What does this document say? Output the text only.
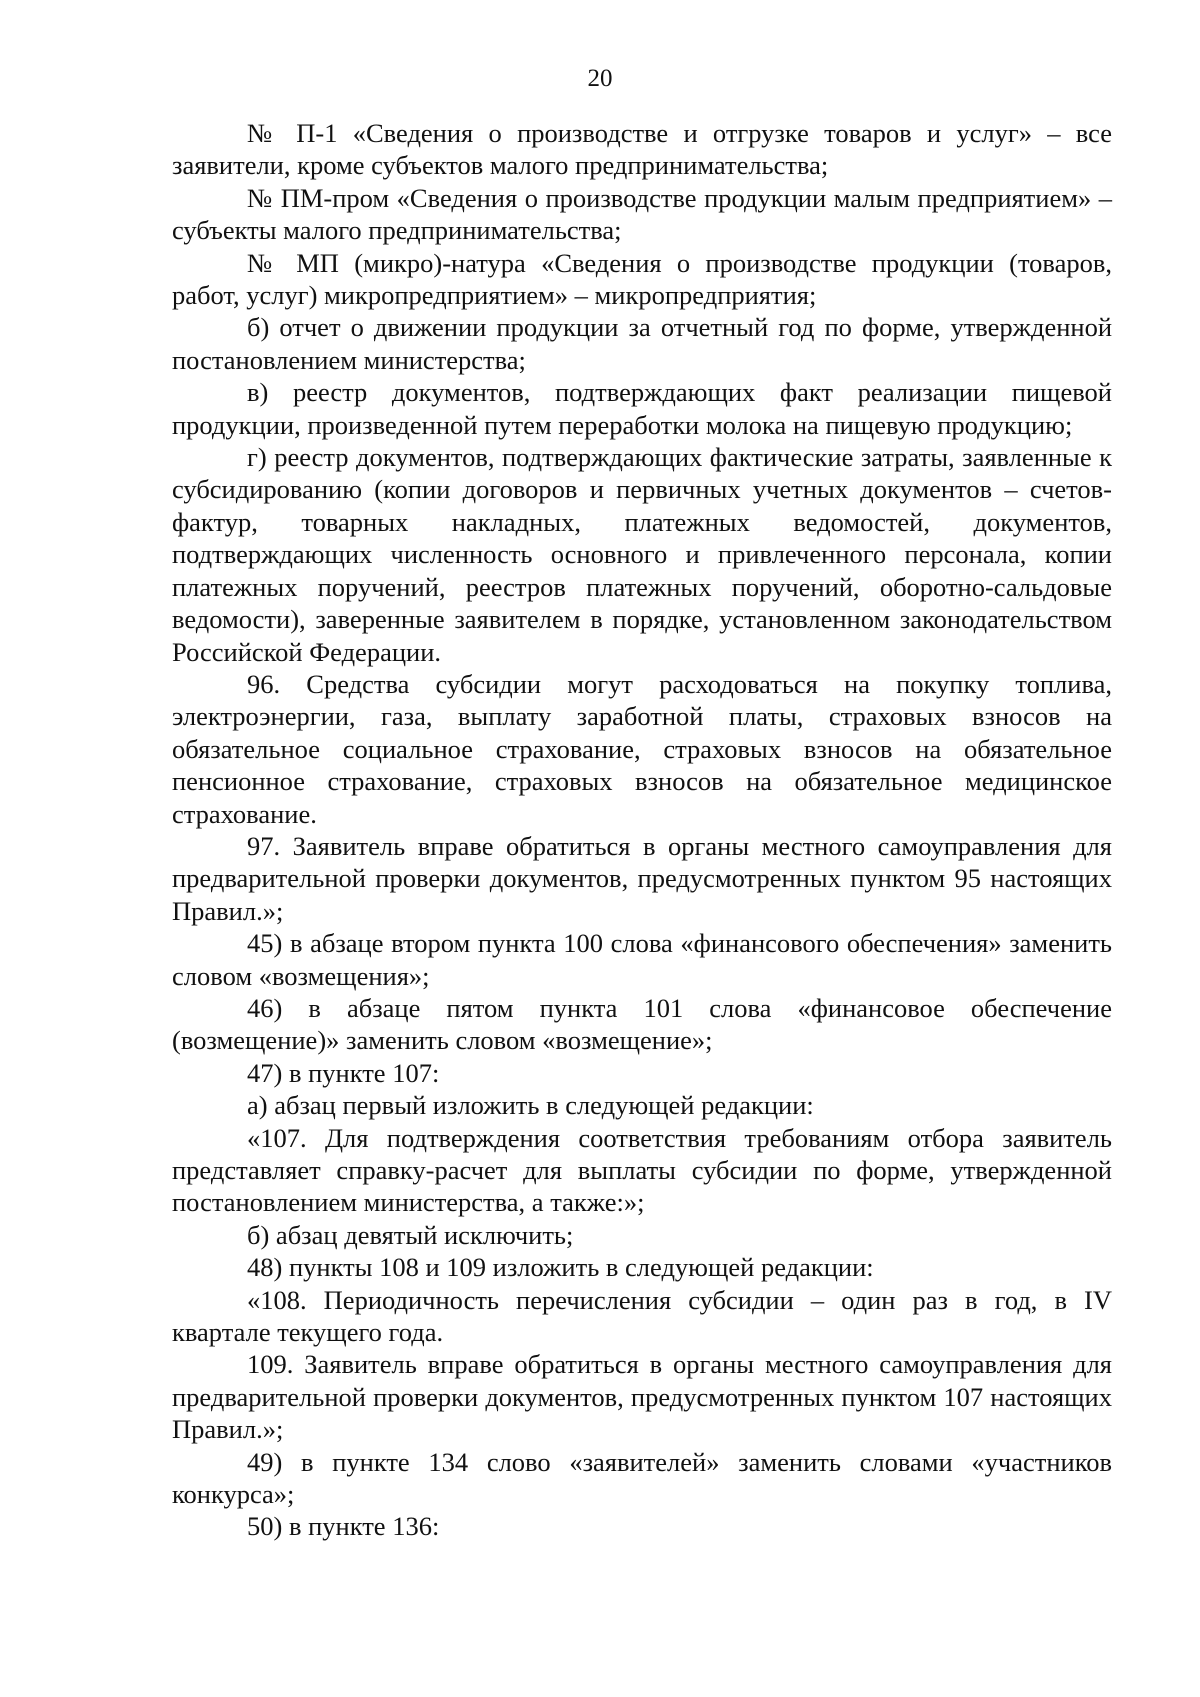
20

№ П-1 «Сведения о производстве и отгрузке товаров и услуг» – все заявители, кроме субъектов малого предпринимательства;

№ ПМ-пром «Сведения о производстве продукции малым предприятием» – субъекты малого предпринимательства;

№ МП (микро)-натура «Сведения о производстве продукции (товаров, работ, услуг) микропредприятием» – микропредприятия;

б) отчет о движении продукции за отчетный год по форме, утвержденной постановлением министерства;

в) реестр документов, подтверждающих факт реализации пищевой продукции, произведенной путем переработки молока на пищевую продукцию;

г) реестр документов, подтверждающих фактические затраты, заявленные к субсидированию (копии договоров и первичных учетных документов – счетов-фактур, товарных накладных, платежных ведомостей, документов, подтверждающих численность основного и привлеченного персонала, копии платежных поручений, реестров платежных поручений, оборотно-сальдовые ведомости), заверенные заявителем в порядке, установленном законодательством Российской Федерации.

96. Средства субсидии могут расходоваться на покупку топлива, электроэнергии, газа, выплату заработной платы, страховых взносов на обязательное социальное страхование, страховых взносов на обязательное пенсионное страхование, страховых взносов на обязательное медицинское страхование.

97. Заявитель вправе обратиться в органы местного самоуправления для предварительной проверки документов, предусмотренных пунктом 95 настоящих Правил.»;

45) в абзаце втором пункта 100 слова «финансового обеспечения» заменить словом «возмещения»;

46) в абзаце пятом пункта 101 слова «финансовое обеспечение (возмещение)» заменить словом «возмещение»;

47) в пункте 107:

а) абзац первый изложить в следующей редакции:

«107. Для подтверждения соответствия требованиям отбора заявитель представляет справку-расчет для выплаты субсидии по форме, утвержденной постановлением министерства, а также:»;

б) абзац девятый исключить;

48) пункты 108 и 109 изложить в следующей редакции:

«108. Периодичность перечисления субсидии – один раз в год, в IV квартале текущего года.

109. Заявитель вправе обратиться в органы местного самоуправления для предварительной проверки документов, предусмотренных пунктом 107 настоящих Правил.»;

49) в пункте 134 слово «заявителей» заменить словами «участников конкурса»;

50) в пункте 136:
